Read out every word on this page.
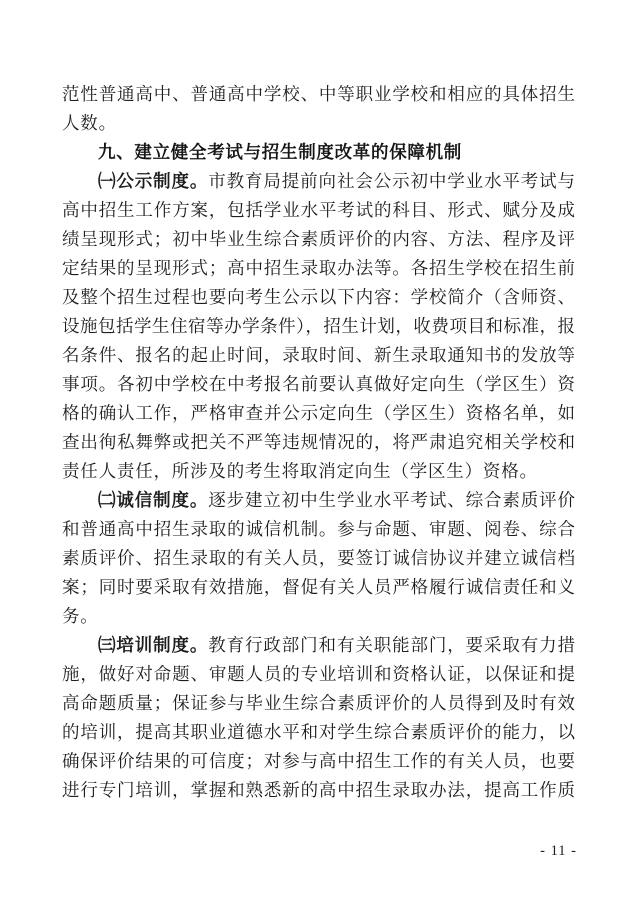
范性普通高中、普通高中学校、中等职业学校和相应的具体招生
人数。
九、建立健全考试与招生制度改革的保障机制
㈠公示制度。市教育局提前向社会公示初中学业水平考试与
高中招生工作方案，包括学业水平考试的科目、形式、赋分及成
绩呈现形式；初中毕业生综合素质评价的内容、方法、程序及评
定结果的呈现形式；高中招生录取办法等。各招生学校在招生前
及整个招生过程也要向考生公示以下内容：学校简介（含师资、
设施包括学生住宿等办学条件），招生计划，收费项目和标准，报
名条件、报名的起止时间，录取时间、新生录取通知书的发放等
事项。各初中学校在中考报名前要认真做好定向生（学区生）资
格的确认工作，严格审查并公示定向生（学区生）资格名单，如
查出徇私舞弊或把关不严等违规情况的，将严肃追究相关学校和
责任人责任，所涉及的考生将取消定向生（学区生）资格。
㈡诚信制度。逐步建立初中生学业水平考试、综合素质评价
和普通高中招生录取的诚信机制。参与命题、审题、阅卷、综合
素质评价、招生录取的有关人员，要签订诚信协议并建立诚信档
案；同时要采取有效措施，督促有关人员严格履行诚信责任和义
务。
㈢培训制度。教育行政部门和有关职能部门，要采取有力措
施，做好对命题、审题人员的专业培训和资格认证，以保证和提
高命题质量；保证参与毕业生综合素质评价的人员得到及时有效
的培训，提高其职业道德水平和对学生综合素质评价的能力，以
确保评价结果的可信度；对参与高中招生工作的有关人员，也要
进行专门培训，掌握和熟悉新的高中招生录取办法，提高工作质
- 11 -
